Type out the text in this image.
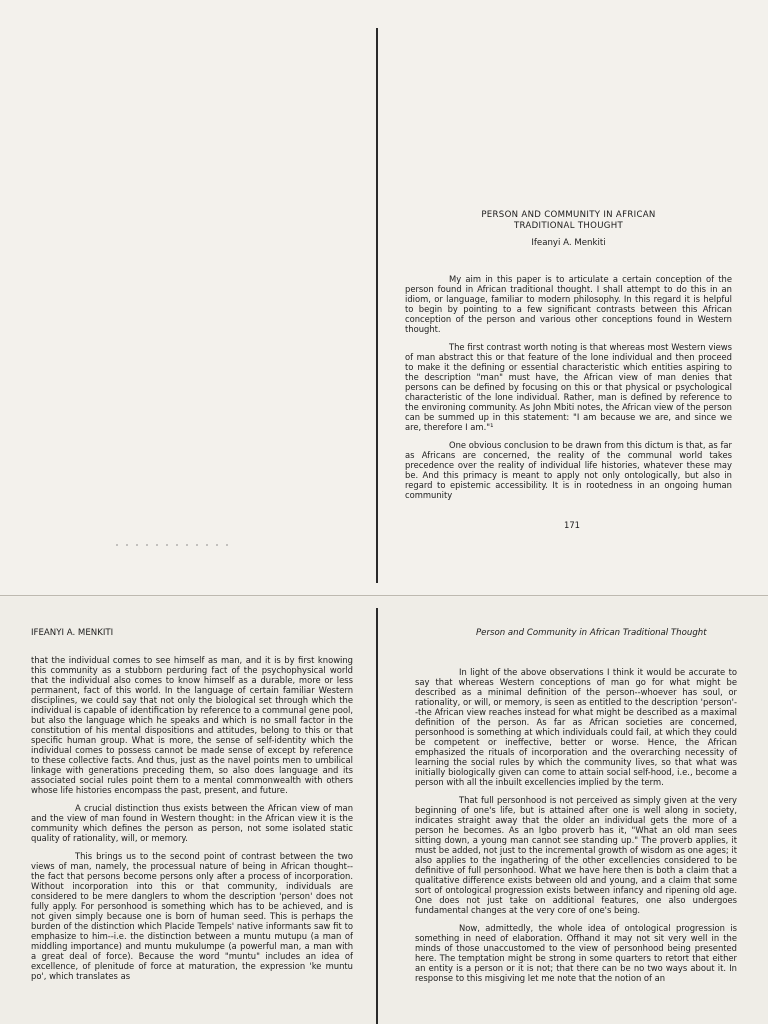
PERSON AND COMMUNITY IN AFRICAN
TRADITIONAL THOUGHT
Ifeanyi A. Menkiti

My aim in this paper is to articulate a certain conception of the person found in African traditional thought. I shall attempt to do this in an idiom, or language, familiar to modern philosophy. In this regard it is helpful to begin by pointing to a few significant contrasts between this African conception of the person and various other conceptions found in Western thought.

The first contrast worth noting is that whereas most Western views of man abstract this or that feature of the lone individual and then proceed to make it the defining or essential characteristic which entities aspiring to the description "man" must have, the African view of man denies that persons can be defined by focusing on this or that physical or psychological characteristic of the lone individual. Rather, man is defined by reference to the environing community. As John Mbiti notes, the African view of the person can be summed up in this statement: "I am because we are, and since we are, therefore I am."¹

One obvious conclusion to be drawn from this dictum is that, as far as Africans are concerned, the reality of the communal world takes precedence over the reality of individual life histories, whatever these may be. And this primacy is meant to apply not only ontologically, but also in regard to epistemic accessibility. It is in rootedness in an ongoing human community

171
IFEANYI A. MENKITI

that the individual comes to see himself as man, and it is by first knowing this community as a stubborn perduring fact of the psychophysical world that the individual also comes to know himself as a durable, more or less permanent, fact of this world. In the language of certain familiar Western disciplines, we could say that not only the biological set through which the individual is capable of identification by reference to a communal gene pool, but also the language which he speaks and which is no small factor in the constitution of his mental dispositions and attitudes, belong to this or that specific human group. What is more, the sense of self-identity which the individual comes to possess cannot be made sense of except by reference to these collective facts. And thus, just as the navel points men to umbilical linkage with generations preceding them, so also does language and its associated social rules point them to a mental commonwealth with others whose life histories encompass the past, present, and future.

A crucial distinction thus exists between the African view of man and the view of man found in Western thought: in the African view it is the community which defines the person as person, not some isolated static quality of rationality, will, or memory.

This brings us to the second point of contrast between the two views of man, namely, the processual nature of being in African thought--the fact that persons become persons only after a process of incorporation. Without incorporation into this or that community, individuals are considered to be mere danglers to whom the description 'person' does not fully apply. For personhood is something which has to be achieved, and is not given simply because one is born of human seed. This is perhaps the burden of the distinction which Placide Tempels' native informants saw fit to emphasize to him--i.e. the distinction between a muntu mutupu (a man of middling importance) and muntu mukulumpe (a powerful man, a man with a great deal of force). Because the word "muntu" includes an idea of excellence, of plenitude of force at maturation, the expression 'ke muntu po', which translates as

Person and Community in African Traditional Thought

In light of the above observations I think it would be accurate to say that whereas Western conceptions of man go for what might be described as a minimal definition of the person--whoever has soul, or rationality, or will, or memory, is seen as entitled to the description 'person'--the African view reaches instead for what might be described as a maximal definition of the person. As far as African societies are concerned, personhood is something at which individuals could fail, at which they could be competent or ineffective, better or worse. Hence, the African emphasized the rituals of incorporation and the overarching necessity of learning the social rules by which the community lives, so that what was initially biologically given can come to attain social self-hood, i.e., become a person with all the inbuilt excellencies implied by the term.

That full personhood is not perceived as simply given at the very beginning of one's life, but is attained after one is well along in society, indicates straight away that the older an individual gets the more of a person he becomes. As an Igbo proverb has it, "What an old man sees sitting down, a young man cannot see standing up." The proverb applies, it must be added, not just to the incremental growth of wisdom as one ages; it also applies to the ingathering of the other excellencies considered to be definitive of full personhood. What we have here then is both a claim that a qualitative difference exists between old and young, and a claim that some sort of ontological progression exists between infancy and ripening old age. One does not just take on additional features, one also undergoes fundamental changes at the very core of one's being.

Now, admittedly, the whole idea of ontological progression is something in need of elaboration. Offhand it may not sit very well in the minds of those unaccustomed to the view of personhood being presented here. The temptation might be strong in some quarters to retort that either an entity is a person or it is not; that there can be no two ways about it. In response to this misgiving let me note that the notion of an
